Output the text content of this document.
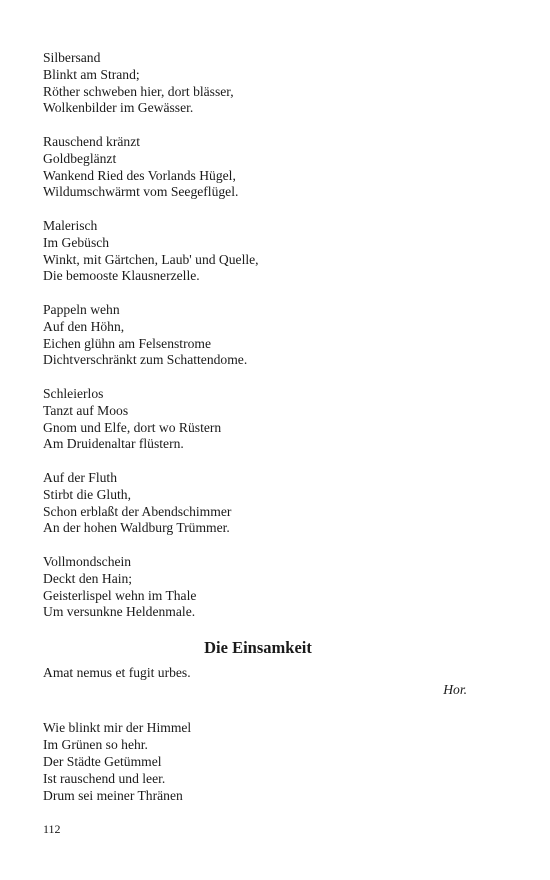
Silbersand
Blinkt am Strand;
Röther schweben hier, dort blässer,
Wolkenbilder im Gewässer.
Rauschend kränzt
Goldbeglänzt
Wankend Ried des Vorlands Hügel,
Wildumschwärmt vom Seegeflügel.
Malerisch
Im Gebüsch
Winkt, mit Gärtchen, Laub' und Quelle,
Die bemooste Klausnerzelle.
Pappeln wehn
Auf den Höhn,
Eichen glühn am Felsenstrome
Dichtverschränkt zum Schattendome.
Schleierlos
Tanzt auf Moos
Gnom und Elfe, dort wo Rüstern
Am Druidenaltar flüstern.
Auf der Fluth
Stirbt die Gluth,
Schon erblaßt der Abendschimmer
An der hohen Waldburg Trümmer.
Vollmondschein
Deckt den Hain;
Geisterlispel wehn im Thale
Um versunkne Heldenmale.
Die Einsamkeit
Amat nemus et fugit urbes.
Hor.
Wie blinkt mir der Himmel
Im Grünen so hehr.
Der Städte Getümmel
Ist rauschend und leer.
Drum sei meiner Thränen
112
